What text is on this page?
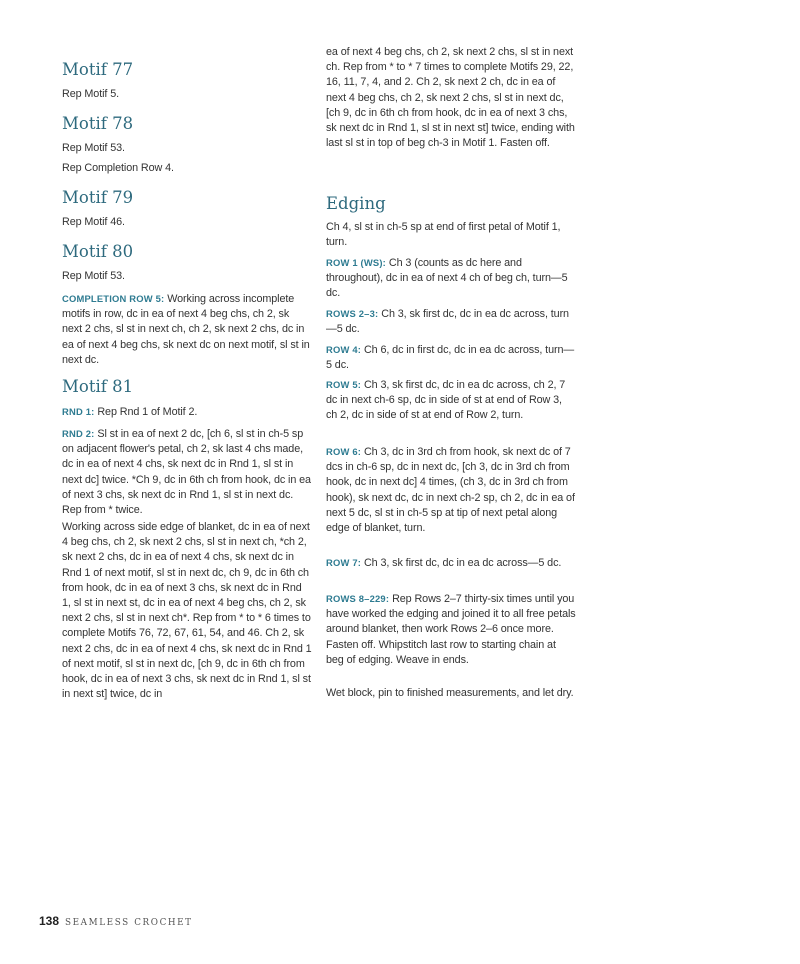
Motif 77

Rep Motif 5.

Motif 78

Rep Motif 53.

Rep Completion Row 4.

Motif 79

Rep Motif 46.

Motif 80

Rep Motif 53.

COMPLETION ROW 5: Working across incomplete motifs in row, dc in ea of next 4 beg chs, ch 2, sk next 2 chs, sl st in next ch, ch 2, sk next 2 chs, dc in ea of next 4 beg chs, sk next dc on next motif, sl st in next dc.

Motif 81

RND 1: Rep Rnd 1 of Motif 2.

RND 2: Sl st in ea of next 2 dc, [ch 6, sl st in ch-5 sp on adjacent flower's petal, ch 2, sk last 4 chs made, dc in ea of next 4 chs, sk next dc in Rnd 1, sl st in next dc] twice. *Ch 9, dc in 6th ch from hook, dc in ea of next 3 chs, sk next dc in Rnd 1, sl st in next dc. Rep from * twice.

Working across side edge of blanket, dc in ea of next 4 beg chs, ch 2, sk next 2 chs, sl st in next ch, *ch 2, sk next 2 chs, dc in ea of next 4 chs, sk next dc in Rnd 1 of next motif, sl st in next dc, ch 9, dc in 6th ch from hook, dc in ea of next 3 chs, sk next dc in Rnd 1, sl st in next st, dc in ea of next 4 beg chs, ch 2, sk next 2 chs, sl st in next ch*. Rep from * to * 6 times to complete Motifs 76, 72, 67, 61, 54, and 46. Ch 2, sk next 2 chs, dc in ea of next 4 chs, sk next dc in Rnd 1 of next motif, sl st in next dc, [ch 9, dc in 6th ch from hook, dc in ea of next 3 chs, sk next dc in Rnd 1, sl st in next st] twice, dc in

ea of next 4 beg chs, ch 2, sk next 2 chs, sl st in next ch. Rep from * to * 7 times to complete Motifs 29, 22, 16, 11, 7, 4, and 2. Ch 2, sk next 2 ch, dc in ea of next 4 beg chs, ch 2, sk next 2 chs, sl st in next dc, [ch 9, dc in 6th ch from hook, dc in ea of next 3 chs, sk next dc in Rnd 1, sl st in next st] twice, ending with last sl st in top of beg ch-3 in Motif 1. Fasten off.

Edging

Ch 4, sl st in ch-5 sp at end of first petal of Motif 1, turn.

ROW 1 (WS): Ch 3 (counts as dc here and throughout), dc in ea of next 4 ch of beg ch, turn—5 dc.

ROWS 2–3: Ch 3, sk first dc, dc in ea dc across, turn—5 dc.

ROW 4: Ch 6, dc in first dc, dc in ea dc across, turn—5 dc.

ROW 5: Ch 3, sk first dc, dc in ea dc across, ch 2, 7 dc in next ch-6 sp, dc in side of st at end of Row 3, ch 2, dc in side of st at end of Row 2, turn.

ROW 6: Ch 3, dc in 3rd ch from hook, sk next dc of 7 dcs in ch-6 sp, dc in next dc, [ch 3, dc in 3rd ch from hook, dc in next dc] 4 times, (ch 3, dc in 3rd ch from hook), sk next dc, dc in next ch-2 sp, ch 2, dc in ea of next 5 dc, sl st in ch-5 sp at tip of next petal along edge of blanket, turn.

ROW 7: Ch 3, sk first dc, dc in ea dc across—5 dc.

ROWS 8–229: Rep Rows 2–7 thirty-six times until you have worked the edging and joined it to all free petals around blanket, then work Rows 2–6 once more. Fasten off. Whipstitch last row to starting chain at beg of edging. Weave in ends.

Wet block, pin to finished measurements, and let dry.

138 SEAMLESS CROCHET
